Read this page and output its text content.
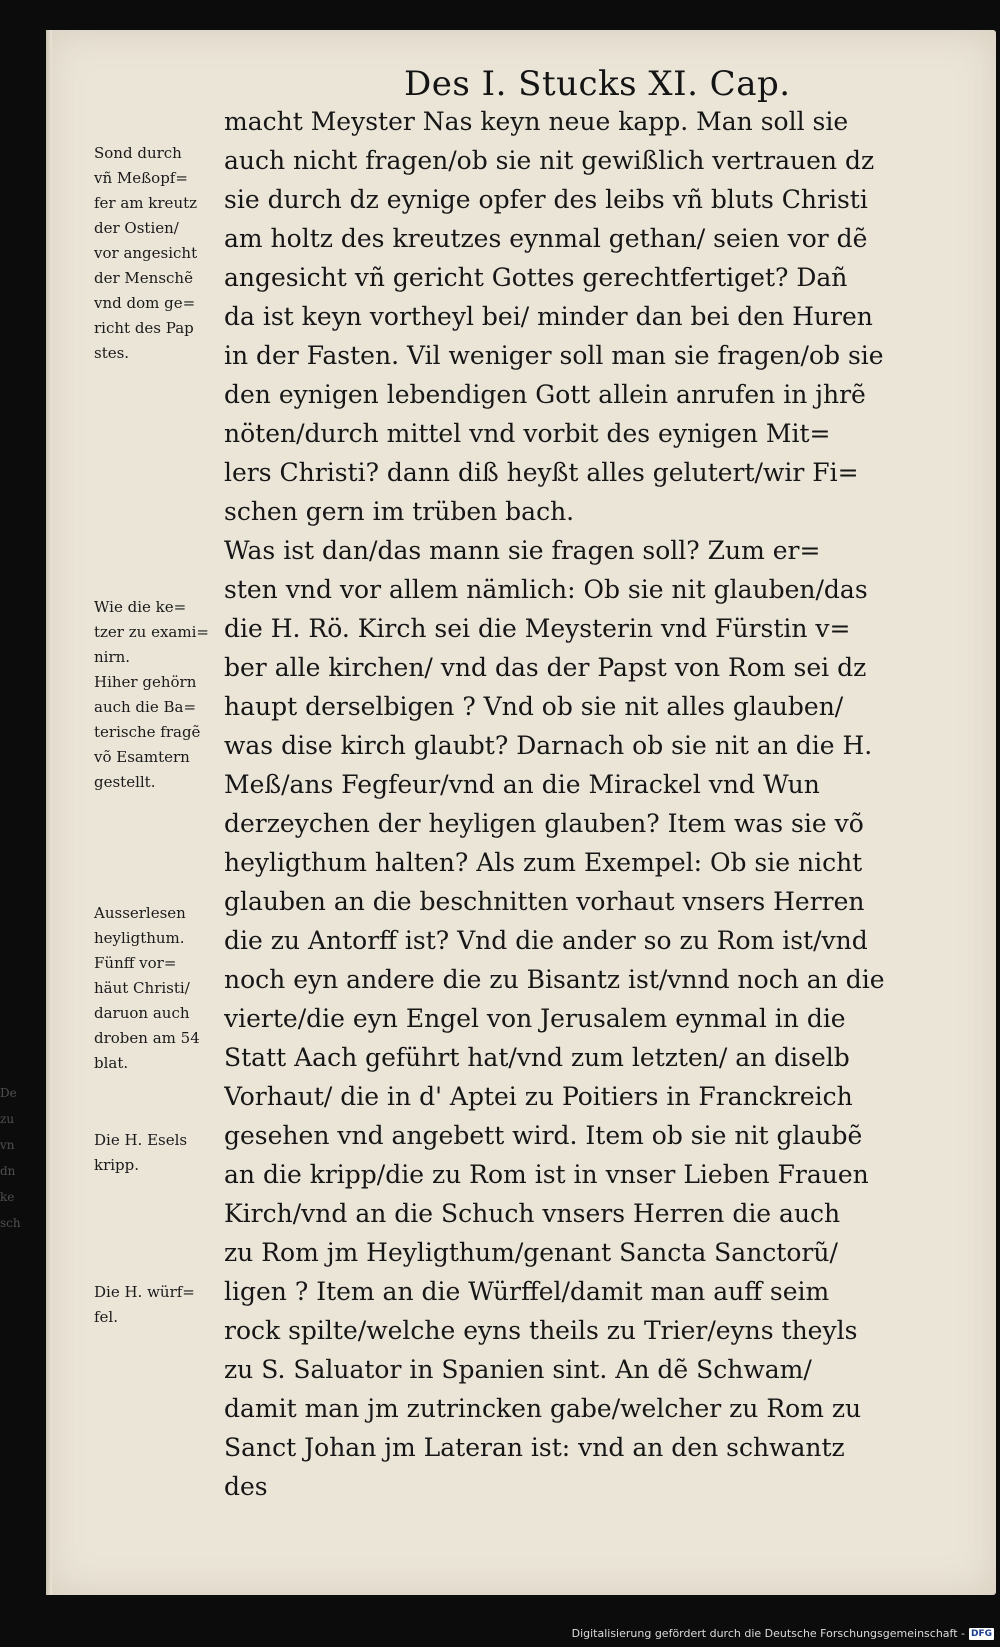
Des I. Stucks XI. Cap.
macht Meyster Nas keyn neue kapp. Man soll sie
auch nicht fragen/ob sie nit gewißlich vertrauen dz
sie durch dz eynige opfer des leibs vñ bluts Christi
am holtz des kreutzes eynmal gethan/ seien vor dẽ
angesicht vñ gericht Gottes gerechtfertiget? Dañ
da ist keyn vortheyl bei/ minder dan bei den Huren
in der Fasten. Vil weniger soll man sie fragen/ob sie
den eynigen lebendigen Gott allein anrufen in jhrẽ
nöten/durch mittel vnd vorbit des eynigen Mit=
lers Christi? dann diß heyßt alles gelutert/wir Fi=
schen gern im trüben bach.
Was ist dan/das mann sie fragen soll? Zum er=
sten vnd vor allem nämlich: Ob sie nit glauben/das
die H. Rö. Kirch sei die Meysterin vnd Fürstin v=
ber alle kirchen/ vnd das der Papst von Rom sei dz
haupt derselbigen ? Vnd ob sie nit alles glauben/
was dise kirch glaubt? Darnach ob sie nit an die H.
Meß/ans Fegfeur/vnd an die Mirackel vnd Wun
derzeychen der heyligen glauben? Item was sie võ
heyligthum halten? Als zum Exempel: Ob sie nicht
glauben an die beschnitten vorhaut vnsers Herren
die zu Antorff ist? Vnd die ander so zu Rom ist/vnd
noch eyn andere die zu Bisantz ist/vnnd noch an die
vierte/die eyn Engel von Jerusalem eynmal in die
Statt Aach geführt hat/vnd zum letzten/ an diselb
Vorhaut/ die in d' Aptei zu Poitiers in Franckreich
gesehen vnd angebett wird. Item ob sie nit glaubẽ
an die kripp/die zu Rom ist in vnser Lieben Frauen
Kirch/vnd an die Schuch vnsers Herren die auch
zu Rom jm Heyligthum/genant Sancta Sanctorũ/
ligen ? Item an die Würffel/damit man auff seim
rock spilte/welche eyns theils zu Trier/eyns theyls
zu S. Saluator in Spanien sint. An dẽ Schwam/
damit man jm zutrincken gabe/welcher zu Rom zu
Sanct Johan jm Lateran ist: vnd an den schwantz
des
Sond durch
vñ Meßopf=
fer am kreutz
der Ostien/
vor angesicht
der Menschẽ
vnd dom ge=
richt des Pap
stes.
Wie die ke=
tzer zu exami=
nirn.
Hiher gehörn
auch die Ba=
terische fragẽ
võ Esamtern
gestellt.
Ausserlesen
heyligthum.
Fünff vor=
häut Christi/
daruon auch
droben am 54
blat.
Die H. Esels
kripp.
Die H. würf=
fel.
De
zu
vn
dn
ke
sch
Digitalisierung gefördert durch die Deutsche Forschungsgemeinschaft - DFG
